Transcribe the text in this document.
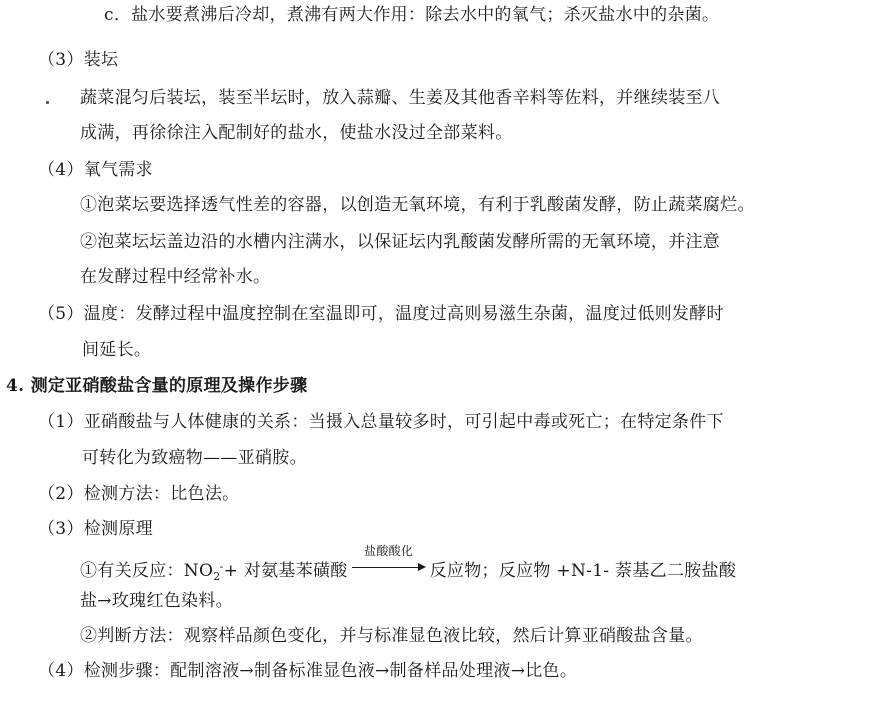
c．盐水要煮沸后冷却，煮沸有两大作用：除去水中的氧气；杀灭盐水中的杂菌。
（3）装坛
蔬菜混匀后装坛，装至半坛时，放入蒜瓣、生姜及其他香辛料等佐料，并继续装至八
成满，再徐徐注入配制好的盐水，使盐水没过全部菜料。
（4）氧气需求
①泡菜坛要选择透气性差的容器，以创造无氧环境，有利于乳酸菌发酵，防止蔬菜腐烂。
②泡菜坛坛盖边沿的水槽内注满水，以保证坛内乳酸菌发酵所需的无氧环境，并注意
在发酵过程中经常补水。
（5）温度：发酵过程中温度控制在室温即可，温度过高则易滋生杂菌，温度过低则发酵时
间延长。
4. 测定亚硝酸盐含量的原理及操作步骤
（1）亚硝酸盐与人体健康的关系：当摄入总量较多时，可引起中毒或死亡；在特定条件下
可转化为致癌物——亚硝胺。
（2）检测方法：比色法。
（3）检测原理
①有关反应：$NO_2^-+$ 对氨基苯磺酸
盐酸酸化
反应物；反应物 +N-1- 萘基乙二胺盐酸
盐→玫瑰红色染料。
②判断方法：观察样品颜色变化，并与标准显色液比较，然后计算亚硝酸盐含量。
（4）检测步骤：配制溶液→制备标准显色液→制备样品处理液→比色。
